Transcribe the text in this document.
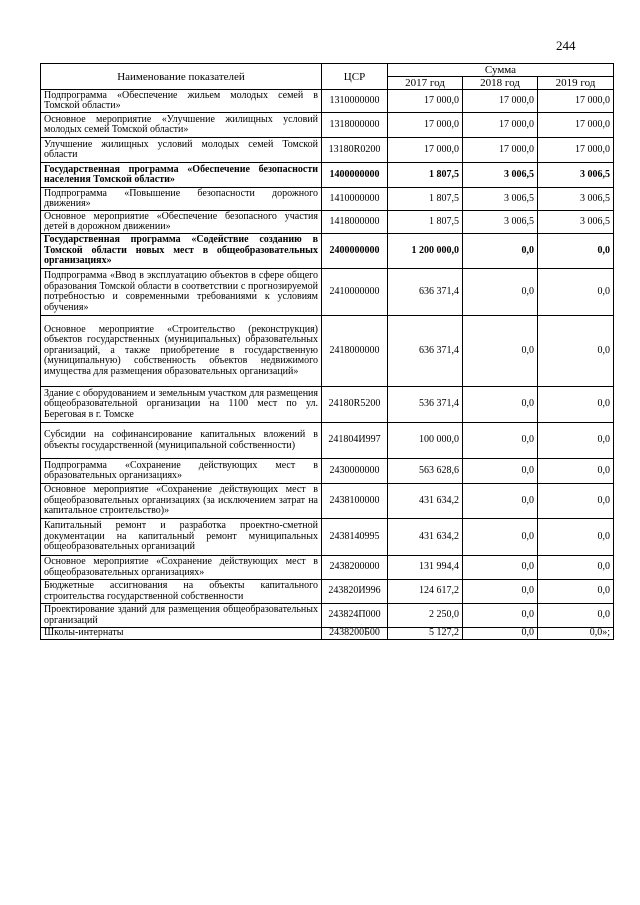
244
Наименование показателей	ЦСР	Сумма		
		2017 год	2018 год	2019 год
Подпрограмма «Обеспечение жильем молодых семей в Томской области»	1310000000	17 000,0	17 000,0	17 000,0
Основное мероприятие «Улучшение жилищных условий молодых семей Томской области»	1318000000	17 000,0	17 000,0	17 000,0
Улучшение жилищных условий молодых семей Томской области	13180R0200	17 000,0	17 000,0	17 000,0
Государственная программа «Обеспечение безопасности населения Томской области»	1400000000	1 807,5	3 006,5	3 006,5
Подпрограмма «Повышение безопасности дорожного движения»	1410000000	1 807,5	3 006,5	3 006,5
Основное мероприятие «Обеспечение безопасного участия детей в дорожном движении»	1418000000	1 807,5	3 006,5	3 006,5
Государственная программа «Содействие созданию в Томской области новых мест в общеобразовательных организациях»	2400000000	1 200 000,0	0,0	0,0
Подпрограмма «Ввод в эксплуатацию объектов в сфере общего образования Томской области в соответствии с прогнозируемой потребностью и современными требованиями к условиям обучения»	2410000000	636 371,4	0,0	0,0
Основное мероприятие «Строительство (реконструкция) объектов государственных (муниципальных) образовательных организаций, а также приобретение в государственную (муниципальную) собственность объектов недвижимого имущества для размещения образовательных организаций»	2418000000	636 371,4	0,0	0,0
Здание с оборудованием и земельным участком для размещения общеобразовательной организации на 1100 мест по ул. Береговая в г. Томске	24180R5200	536 371,4	0,0	0,0
Субсидии на софинансирование капитальных вложений в объекты государственной (муниципальной собственности)	241804И997	100 000,0	0,0	0,0
Подпрограмма «Сохранение действующих мест в образовательных организациях»	2430000000	563 628,6	0,0	0,0
Основное мероприятие «Сохранение действующих мест в общеобразовательных организациях (за исключением затрат на капитальное строительство)»	2438100000	431 634,2	0,0	0,0
Капитальный ремонт и разработка проектно-сметной документации на капитальный ремонт муниципальных общеобразовательных организаций	2438140995	431 634,2	0,0	0,0
Основное мероприятие «Сохранение действующих мест в общеобразовательных организациях»	2438200000	131 994,4	0,0	0,0
Бюджетные ассигнования на объекты капитального строительства государственной собственности	243820И996	124 617,2	0,0	0,0
Проектирование зданий для размещения общеобразовательных организаций	243824П000	2 250,0	0,0	0,0
Школы-интернаты	2438200Б00	5 127,2	0,0	0,0»;
